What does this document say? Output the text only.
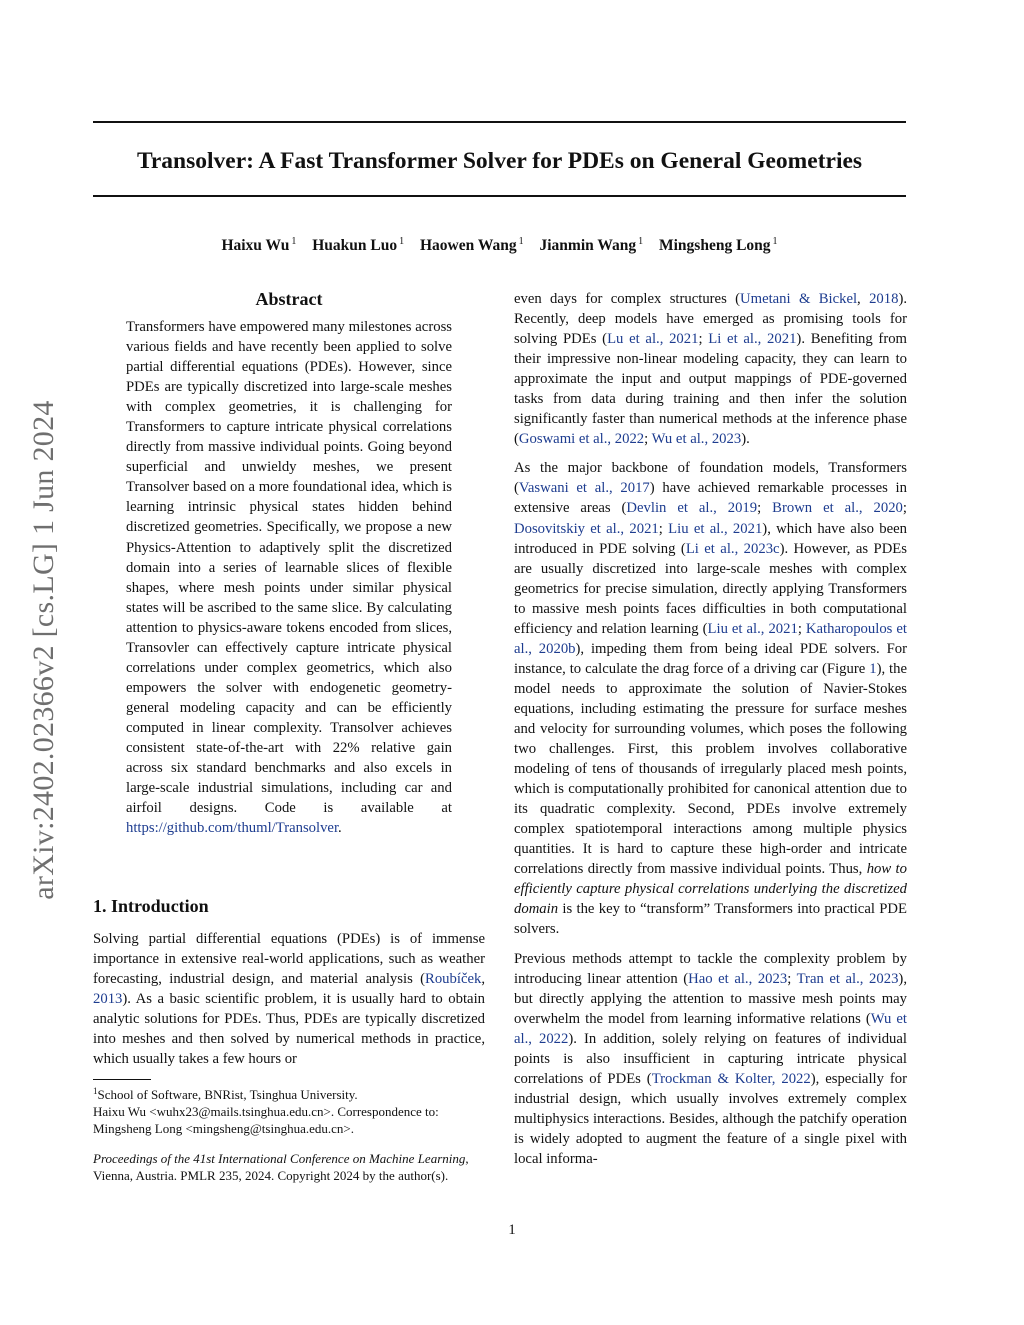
Transolver: A Fast Transformer Solver for PDEs on General Geometries
Haixu Wu $^1$ Huakun Luo $^1$ Haowen Wang $^1$ Jianmin Wang $^1$ Mingsheng Long $^1$
arXiv:2402.02366v2 [cs.LG] 1 Jun 2024
Abstract

Transformers have empowered many milestones across various fields and have recently been applied to solve partial differential equations (PDEs). However, since PDEs are typically discretized into large-scale meshes with complex geometries, it is challenging for Transformers to capture intricate physical correlations directly from massive individual points. Going beyond superficial and unwieldy meshes, we present Transolver based on a more foundational idea, which is learning intrinsic physical states hidden behind discretized geometries. Specifically, we propose a new Physics-Attention to adaptively split the discretized domain into a series of learnable slices of flexible shapes, where mesh points under similar physical states will be ascribed to the same slice. By calculating attention to physics-aware tokens encoded from slices, Transovler can effectively capture intricate physical correlations under complex geometrics, which also empowers the solver with endogenetic geometry-general modeling capacity and can be efficiently computed in linear complexity. Transolver achieves consistent state-of-the-art with 22% relative gain across six standard benchmarks and also excels in large-scale industrial simulations, including car and airfoil designs. Code is available at https://github.com/thuml/Transolver.

1. Introduction

Solving partial differential equations (PDEs) is of immense importance in extensive real-world applications, such as weather forecasting, industrial design, and material analysis (Roubíček, 2013). As a basic scientific problem, it is usually hard to obtain analytic solutions for PDEs. Thus, PDEs are typically discretized into meshes and then solved by numerical methods in practice, which usually takes a few hours or

even days for complex structures (Umetani & Bickel, 2018). Recently, deep models have emerged as promising tools for solving PDEs (Lu et al., 2021; Li et al., 2021). Benefiting from their impressive non-linear modeling capacity, they can learn to approximate the input and output mappings of PDE-governed tasks from data during training and then infer the solution significantly faster than numerical methods at the inference phase (Goswami et al., 2022; Wu et al., 2023).

As the major backbone of foundation models, Transformers (Vaswani et al., 2017) have achieved remarkable processes in extensive areas (Devlin et al., 2019; Brown et al., 2020; Dosovitskiy et al., 2021; Liu et al., 2021), which have also been introduced in PDE solving (Li et al., 2023c). However, as PDEs are usually discretized into large-scale meshes with complex geometrics for precise simulation, directly applying Transformers to massive mesh points faces difficulties in both computational efficiency and relation learning (Liu et al., 2021; Katharopoulos et al., 2020b), impeding them from being ideal PDE solvers. For instance, to calculate the drag force of a driving car (Figure 1), the model needs to approximate the solution of Navier-Stokes equations, including estimating the pressure for surface meshes and velocity for surrounding volumes, which poses the following two challenges. First, this problem involves collaborative modeling of tens of thousands of irregularly placed mesh points, which is computationally prohibited for canonical attention due to its quadratic complexity. Second, PDEs involve extremely complex spatiotemporal interactions among multiple physics quantities. It is hard to capture these high-order and intricate correlations directly from massive individual points. Thus, how to efficiently capture physical correlations underlying the discretized domain is the key to “transform” Transformers into practical PDE solvers.

Previous methods attempt to tackle the complexity problem by introducing linear attention (Hao et al., 2023; Tran et al., 2023), but directly applying the attention to massive mesh points may overwhelm the model from learning informative relations (Wu et al., 2022). In addition, solely relying on features of individual points is also insufficient in capturing intricate physical correlations of PDEs (Trockman & Kolter, 2022), especially for industrial design, which usually involves extremely complex multiphysics interactions. Besides, although the patchify operation is widely adopted to augment the feature of a single pixel with local informa-

$^1$School of Software, BNRist, Tsinghua University.

Haixu Wu <wuhx23@mails.tsinghua.edu.cn>. Correspondence to: Mingsheng Long <mingsheng@tsinghua.edu.cn>.

Proceedings of the 41st International Conference on Machine Learning, Vienna, Austria. PMLR 235, 2024. Copyright 2024 by the author(s).

1
